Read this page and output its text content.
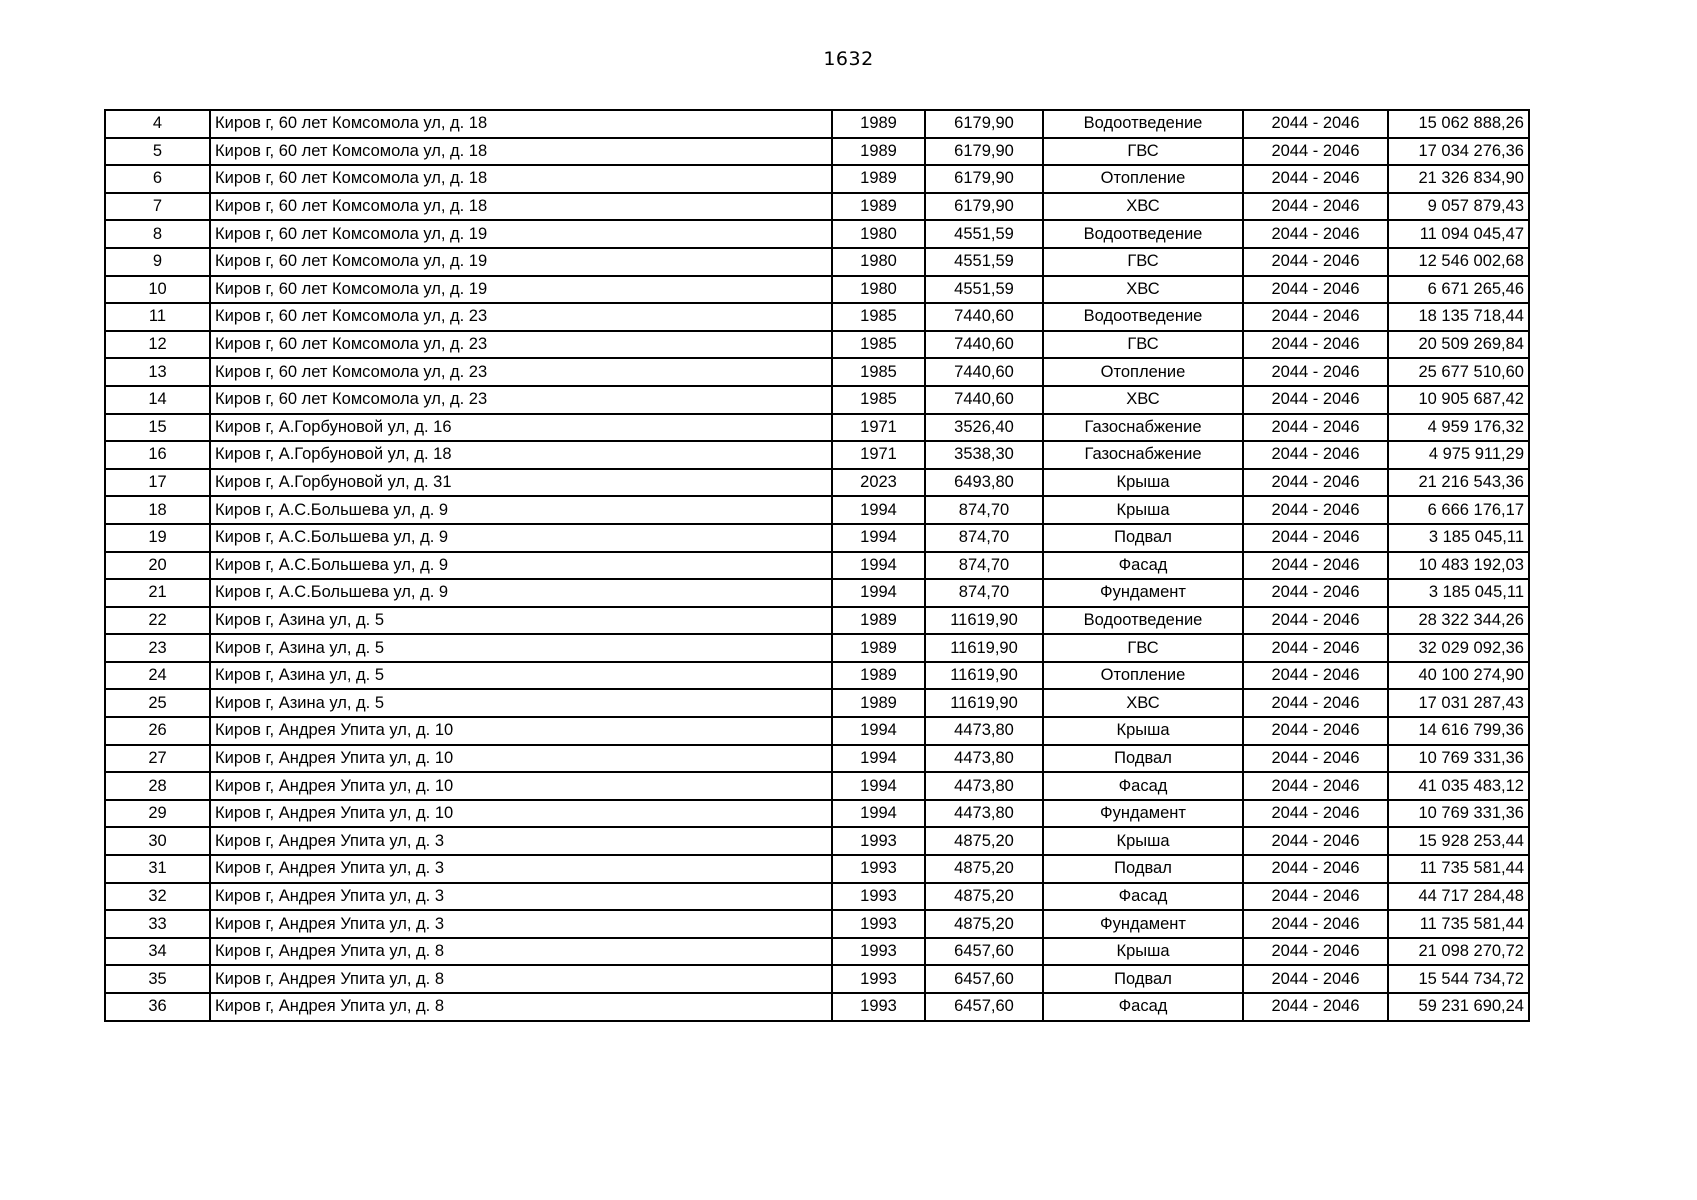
1632
4	Киров г, 60 лет Комсомола ул, д. 18	1989	6179,90	Водоотведение	2044 - 2046	15 062 888,26
5	Киров г, 60 лет Комсомола ул, д. 18	1989	6179,90	ГВС	2044 - 2046	17 034 276,36
6	Киров г, 60 лет Комсомола ул, д. 18	1989	6179,90	Отопление	2044 - 2046	21 326 834,90
7	Киров г, 60 лет Комсомола ул, д. 18	1989	6179,90	ХВС	2044 - 2046	9 057 879,43
8	Киров г, 60 лет Комсомола ул, д. 19	1980	4551,59	Водоотведение	2044 - 2046	11 094 045,47
9	Киров г, 60 лет Комсомола ул, д. 19	1980	4551,59	ГВС	2044 - 2046	12 546 002,68
10	Киров г, 60 лет Комсомола ул, д. 19	1980	4551,59	ХВС	2044 - 2046	6 671 265,46
11	Киров г, 60 лет Комсомола ул, д. 23	1985	7440,60	Водоотведение	2044 - 2046	18 135 718,44
12	Киров г, 60 лет Комсомола ул, д. 23	1985	7440,60	ГВС	2044 - 2046	20 509 269,84
13	Киров г, 60 лет Комсомола ул, д. 23	1985	7440,60	Отопление	2044 - 2046	25 677 510,60
14	Киров г, 60 лет Комсомола ул, д. 23	1985	7440,60	ХВС	2044 - 2046	10 905 687,42
15	Киров г, А.Горбуновой ул, д. 16	1971	3526,40	Газоснабжение	2044 - 2046	4 959 176,32
16	Киров г, А.Горбуновой ул, д. 18	1971	3538,30	Газоснабжение	2044 - 2046	4 975 911,29
17	Киров г, А.Горбуновой ул, д. 31	2023	6493,80	Крыша	2044 - 2046	21 216 543,36
18	Киров г, А.С.Большева ул, д. 9	1994	874,70	Крыша	2044 - 2046	6 666 176,17
19	Киров г, А.С.Большева ул, д. 9	1994	874,70	Подвал	2044 - 2046	3 185 045,11
20	Киров г, А.С.Большева ул, д. 9	1994	874,70	Фасад	2044 - 2046	10 483 192,03
21	Киров г, А.С.Большева ул, д. 9	1994	874,70	Фундамент	2044 - 2046	3 185 045,11
22	Киров г, Азина ул, д. 5	1989	11619,90	Водоотведение	2044 - 2046	28 322 344,26
23	Киров г, Азина ул, д. 5	1989	11619,90	ГВС	2044 - 2046	32 029 092,36
24	Киров г, Азина ул, д. 5	1989	11619,90	Отопление	2044 - 2046	40 100 274,90
25	Киров г, Азина ул, д. 5	1989	11619,90	ХВС	2044 - 2046	17 031 287,43
26	Киров г, Андрея Упита ул, д. 10	1994	4473,80	Крыша	2044 - 2046	14 616 799,36
27	Киров г, Андрея Упита ул, д. 10	1994	4473,80	Подвал	2044 - 2046	10 769 331,36
28	Киров г, Андрея Упита ул, д. 10	1994	4473,80	Фасад	2044 - 2046	41 035 483,12
29	Киров г, Андрея Упита ул, д. 10	1994	4473,80	Фундамент	2044 - 2046	10 769 331,36
30	Киров г, Андрея Упита ул, д. 3	1993	4875,20	Крыша	2044 - 2046	15 928 253,44
31	Киров г, Андрея Упита ул, д. 3	1993	4875,20	Подвал	2044 - 2046	11 735 581,44
32	Киров г, Андрея Упита ул, д. 3	1993	4875,20	Фасад	2044 - 2046	44 717 284,48
33	Киров г, Андрея Упита ул, д. 3	1993	4875,20	Фундамент	2044 - 2046	11 735 581,44
34	Киров г, Андрея Упита ул, д. 8	1993	6457,60	Крыша	2044 - 2046	21 098 270,72
35	Киров г, Андрея Упита ул, д. 8	1993	6457,60	Подвал	2044 - 2046	15 544 734,72
36	Киров г, Андрея Упита ул, д. 8	1993	6457,60	Фасад	2044 - 2046	59 231 690,24
